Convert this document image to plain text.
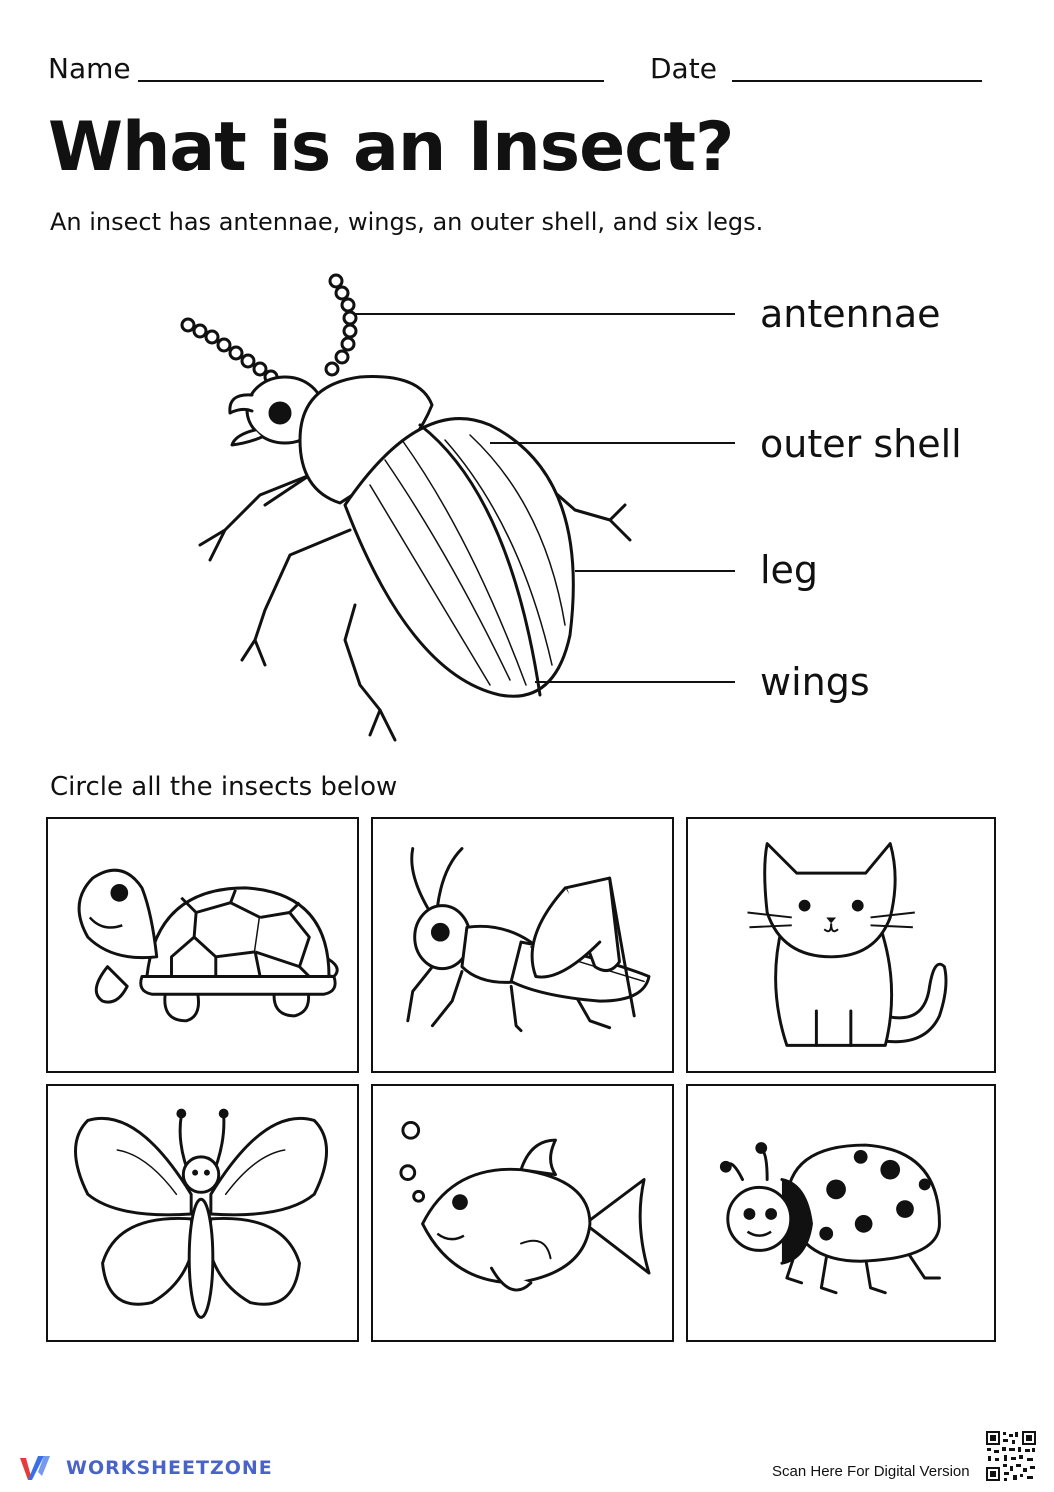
Name	Date
What is an Insect?
An insect has antennae, wings, an outer shell, and six legs.
antennae
outer shell
leg
wings
Circle all the insects below
WORKSHEETZONE	Scan Here For Digital Version
